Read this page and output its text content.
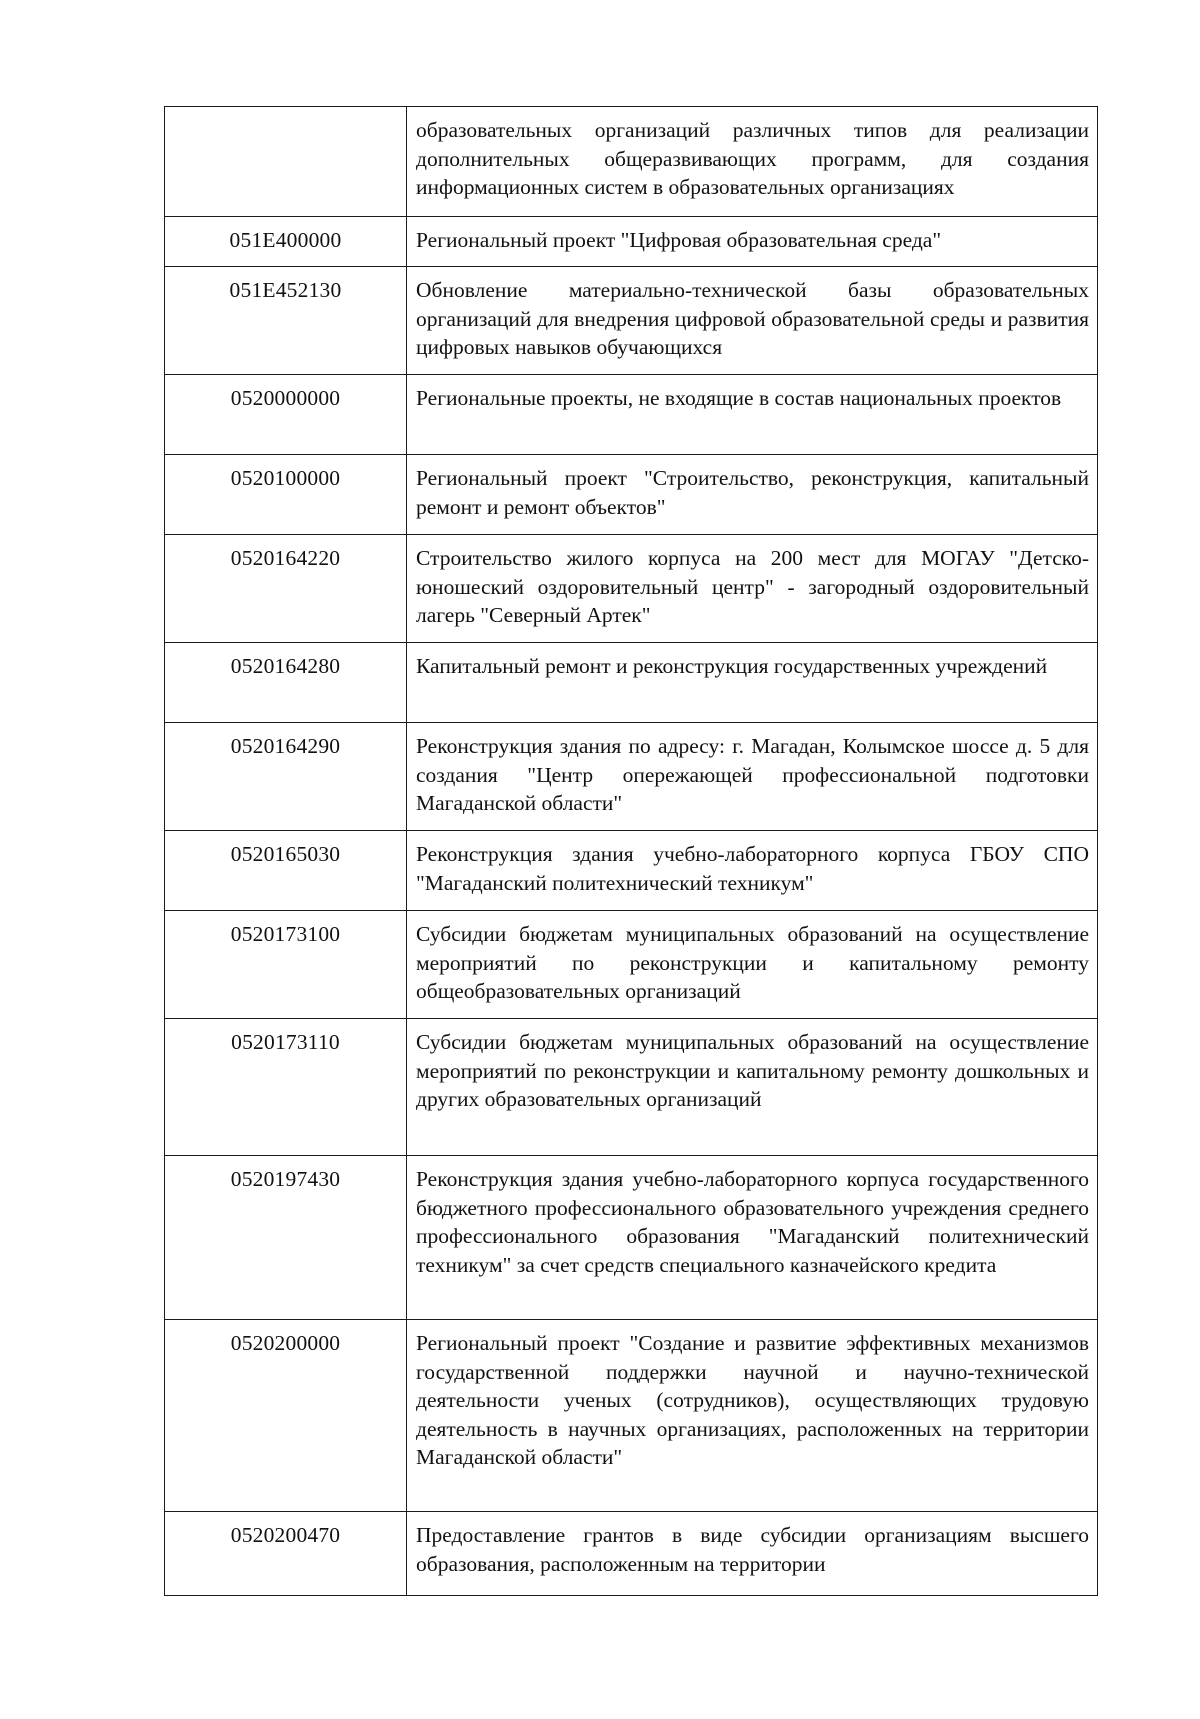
	образовательных организаций различных типов для реализации дополнительных общеразвивающих программ, для создания информационных систем в образовательных организациях
051E400000	Региональный проект "Цифровая образовательная среда"
051E452130	Обновление материально-технической базы образовательных организаций для внедрения цифровой образовательной среды и развития цифровых навыков обучающихся
0520000000	Региональные проекты, не входящие в состав национальных проектов
0520100000	Региональный проект "Строительство, реконструкция, капитальный ремонт и ремонт объектов"
0520164220	Строительство жилого корпуса на 200 мест для МОГАУ "Детско-юношеский оздоровительный центр" - загородный оздоровительный лагерь "Северный Артек"
0520164280	Капитальный ремонт и реконструкция государственных учреждений
0520164290	Реконструкция здания по адресу: г. Магадан, Колымское шоссе д. 5 для создания "Центр опережающей профессиональной подготовки Магаданской области"
0520165030	Реконструкция здания учебно-лабораторного корпуса ГБОУ СПО "Магаданский политехнический техникум"
0520173100	Субсидии бюджетам муниципальных образований на осуществление мероприятий по реконструкции и капитальному ремонту общеобразовательных организаций
0520173110	Субсидии бюджетам муниципальных образований на осуществление мероприятий по реконструкции и капитальному ремонту дошкольных и других образовательных организаций
0520197430	Реконструкция здания учебно-лабораторного корпуса государственного бюджетного профессионального образовательного учреждения среднего профессионального образования "Магаданский политехнический техникум" за счет средств специального казначейского кредита
0520200000	Региональный проект "Создание и развитие эффективных механизмов государственной поддержки научной и научно-технической деятельности ученых (сотрудников), осуществляющих трудовую деятельность в научных организациях, расположенных на территории Магаданской области"
0520200470	Предоставление грантов в виде субсидии организациям высшего образования, расположенным на территории
